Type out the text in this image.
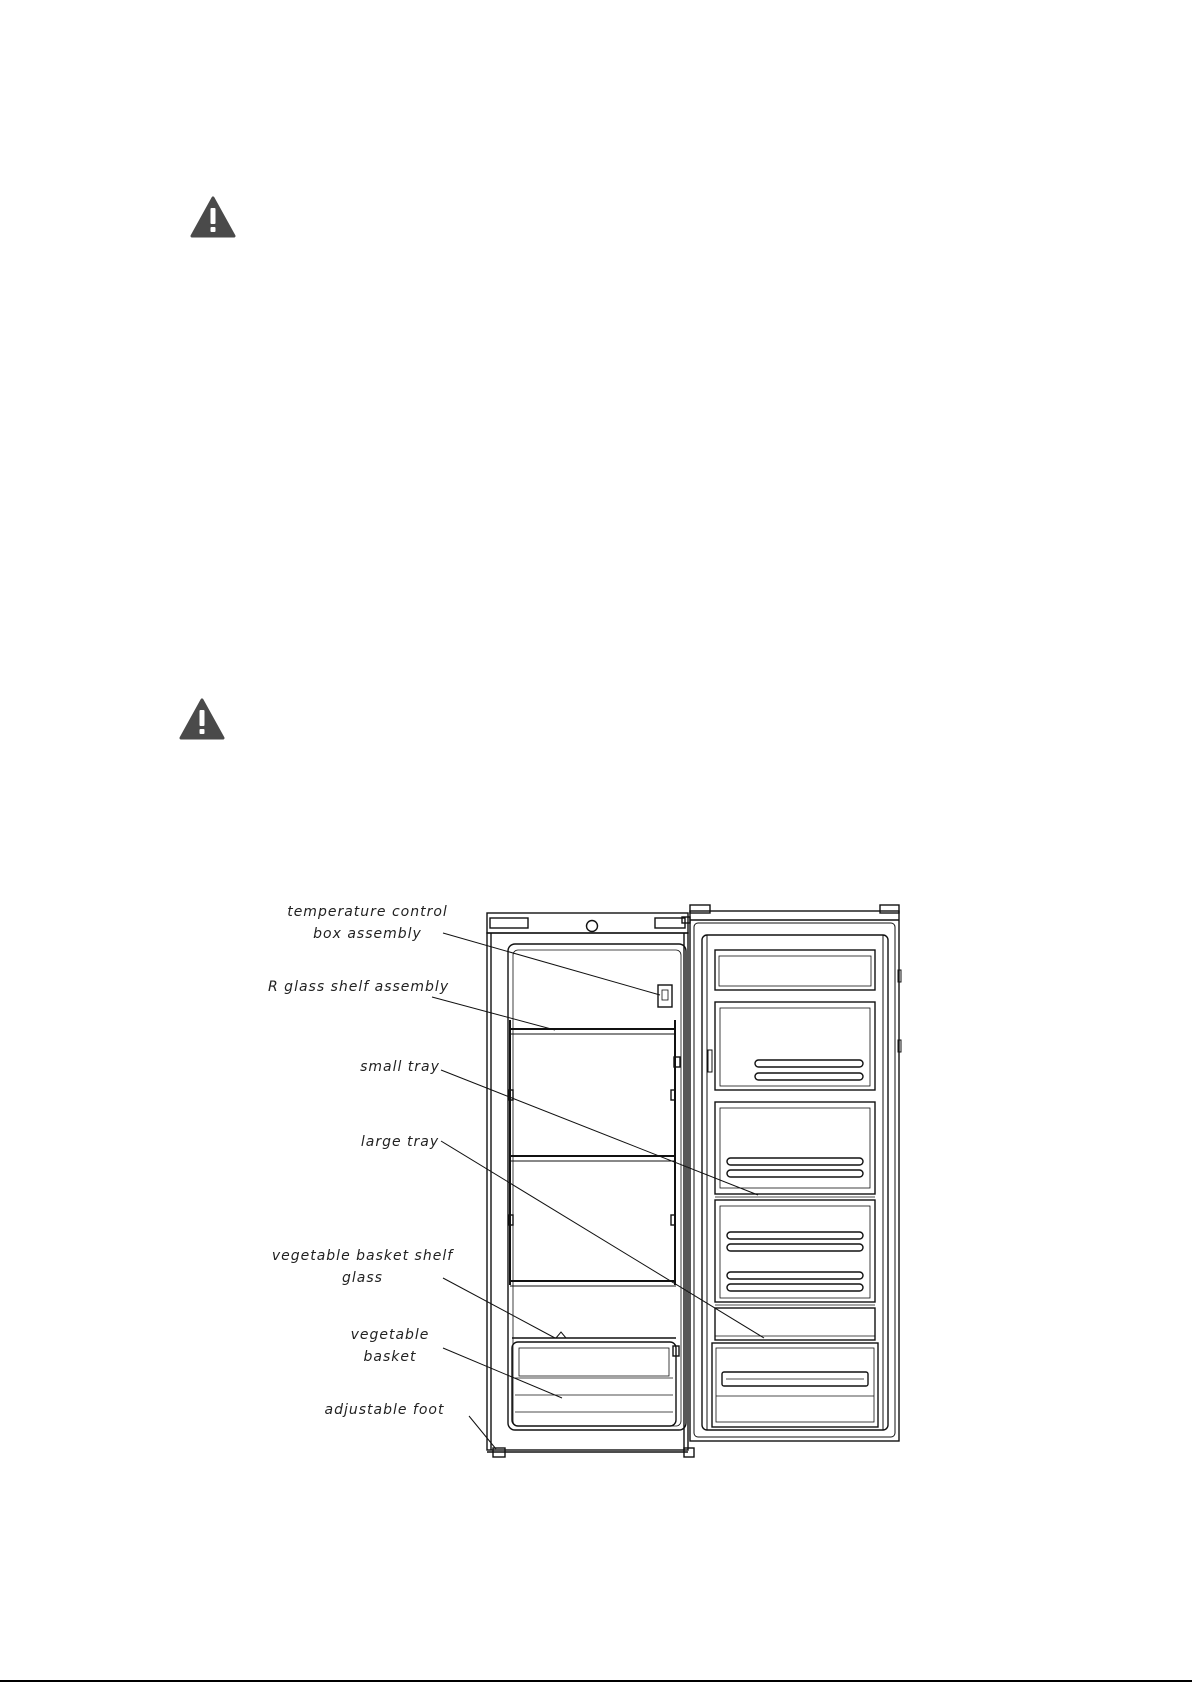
temperature control
box assembly
R glass shelf assembly
small tray
large tray
vegetable basket shelf
glass
vegetable
basket
adjustable foot
